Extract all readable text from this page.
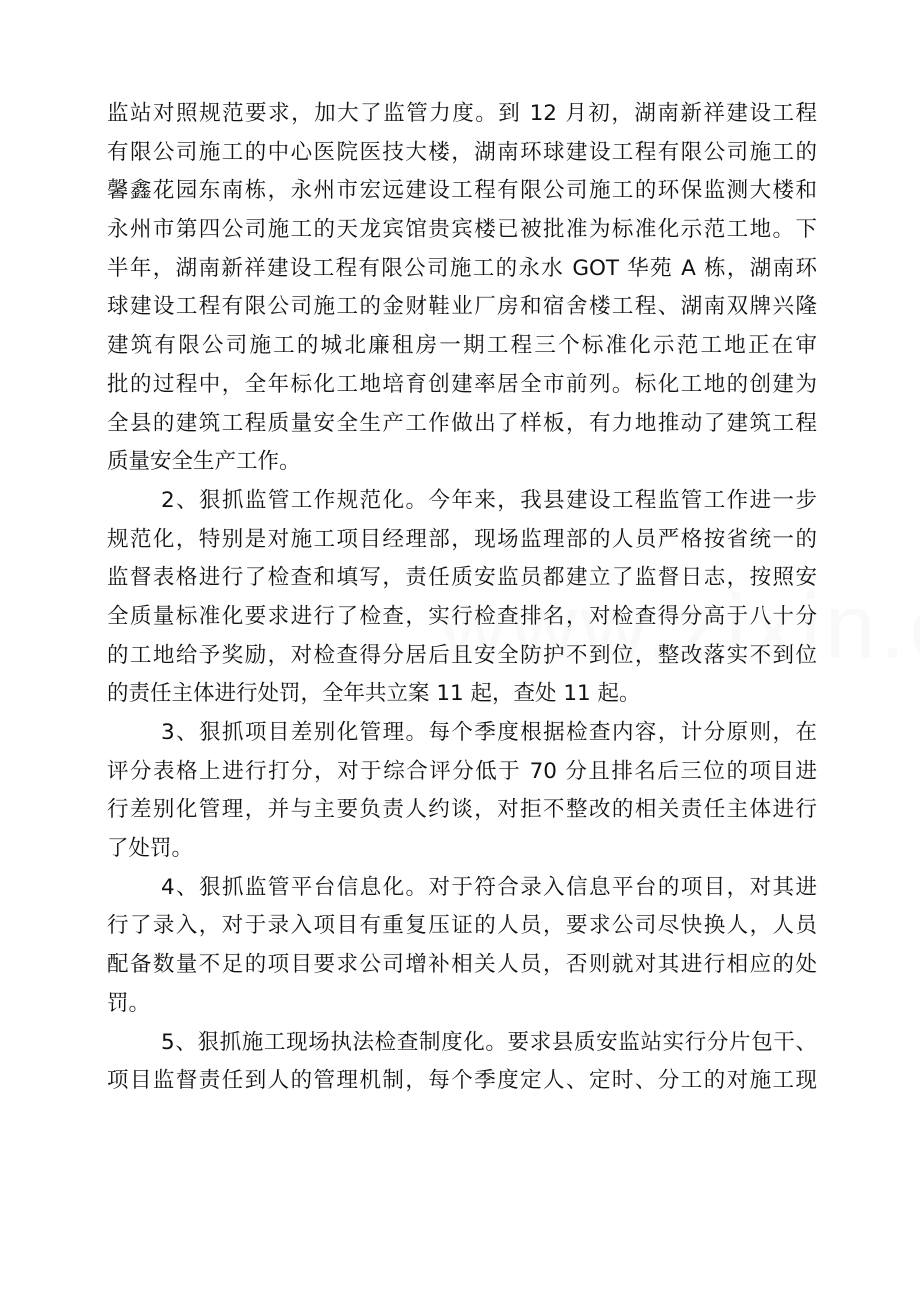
监站对照规范要求，加大了监管力度。到 12 月初，湖南新祥建设工程
有限公司施工的中心医院医技大楼，湖南环球建设工程有限公司施工的
馨鑫花园东南栋，永州市宏远建设工程有限公司施工的环保监测大楼和
永州市第四公司施工的天龙宾馆贵宾楼已被批准为标准化示范工地。下
半年，湖南新祥建设工程有限公司施工的永水 GOT 华苑 A 栋，湖南环
球建设工程有限公司施工的金财鞋业厂房和宿舍楼工程、湖南双牌兴隆
建筑有限公司施工的城北廉租房一期工程三个标准化示范工地正在审
批的过程中，全年标化工地培育创建率居全市前列。标化工地的创建为
全县的建筑工程质量安全生产工作做出了样板，有力地推动了建筑工程
质量安全生产工作。
2、狠抓监管工作规范化。今年来，我县建设工程监管工作进一步
规范化，特别是对施工项目经理部，现场监理部的人员严格按省统一的
监督表格进行了检查和填写，责任质安监员都建立了监督日志，按照安
全质量标准化要求进行了检查，实行检查排名，对检查得分高于八十分
的工地给予奖励，对检查得分居后且安全防护不到位，整改落实不到位
的责任主体进行处罚，全年共立案 11 起，查处 11 起。
3、狠抓项目差别化管理。每个季度根据检查内容，计分原则，在
评分表格上进行打分，对于综合评分低于 70 分且排名后三位的项目进
行差别化管理，并与主要负责人约谈，对拒不整改的相关责任主体进行
了处罚。
4、狠抓监管平台信息化。对于符合录入信息平台的项目，对其进
行了录入，对于录入项目有重复压证的人员，要求公司尽快换人，人员
配备数量不足的项目要求公司增补相关人员，否则就对其进行相应的处
罚。
5、狠抓施工现场执法检查制度化。要求县质安监站实行分片包干、
项目监督责任到人的管理机制，每个季度定人、定时、分工的对施工现
